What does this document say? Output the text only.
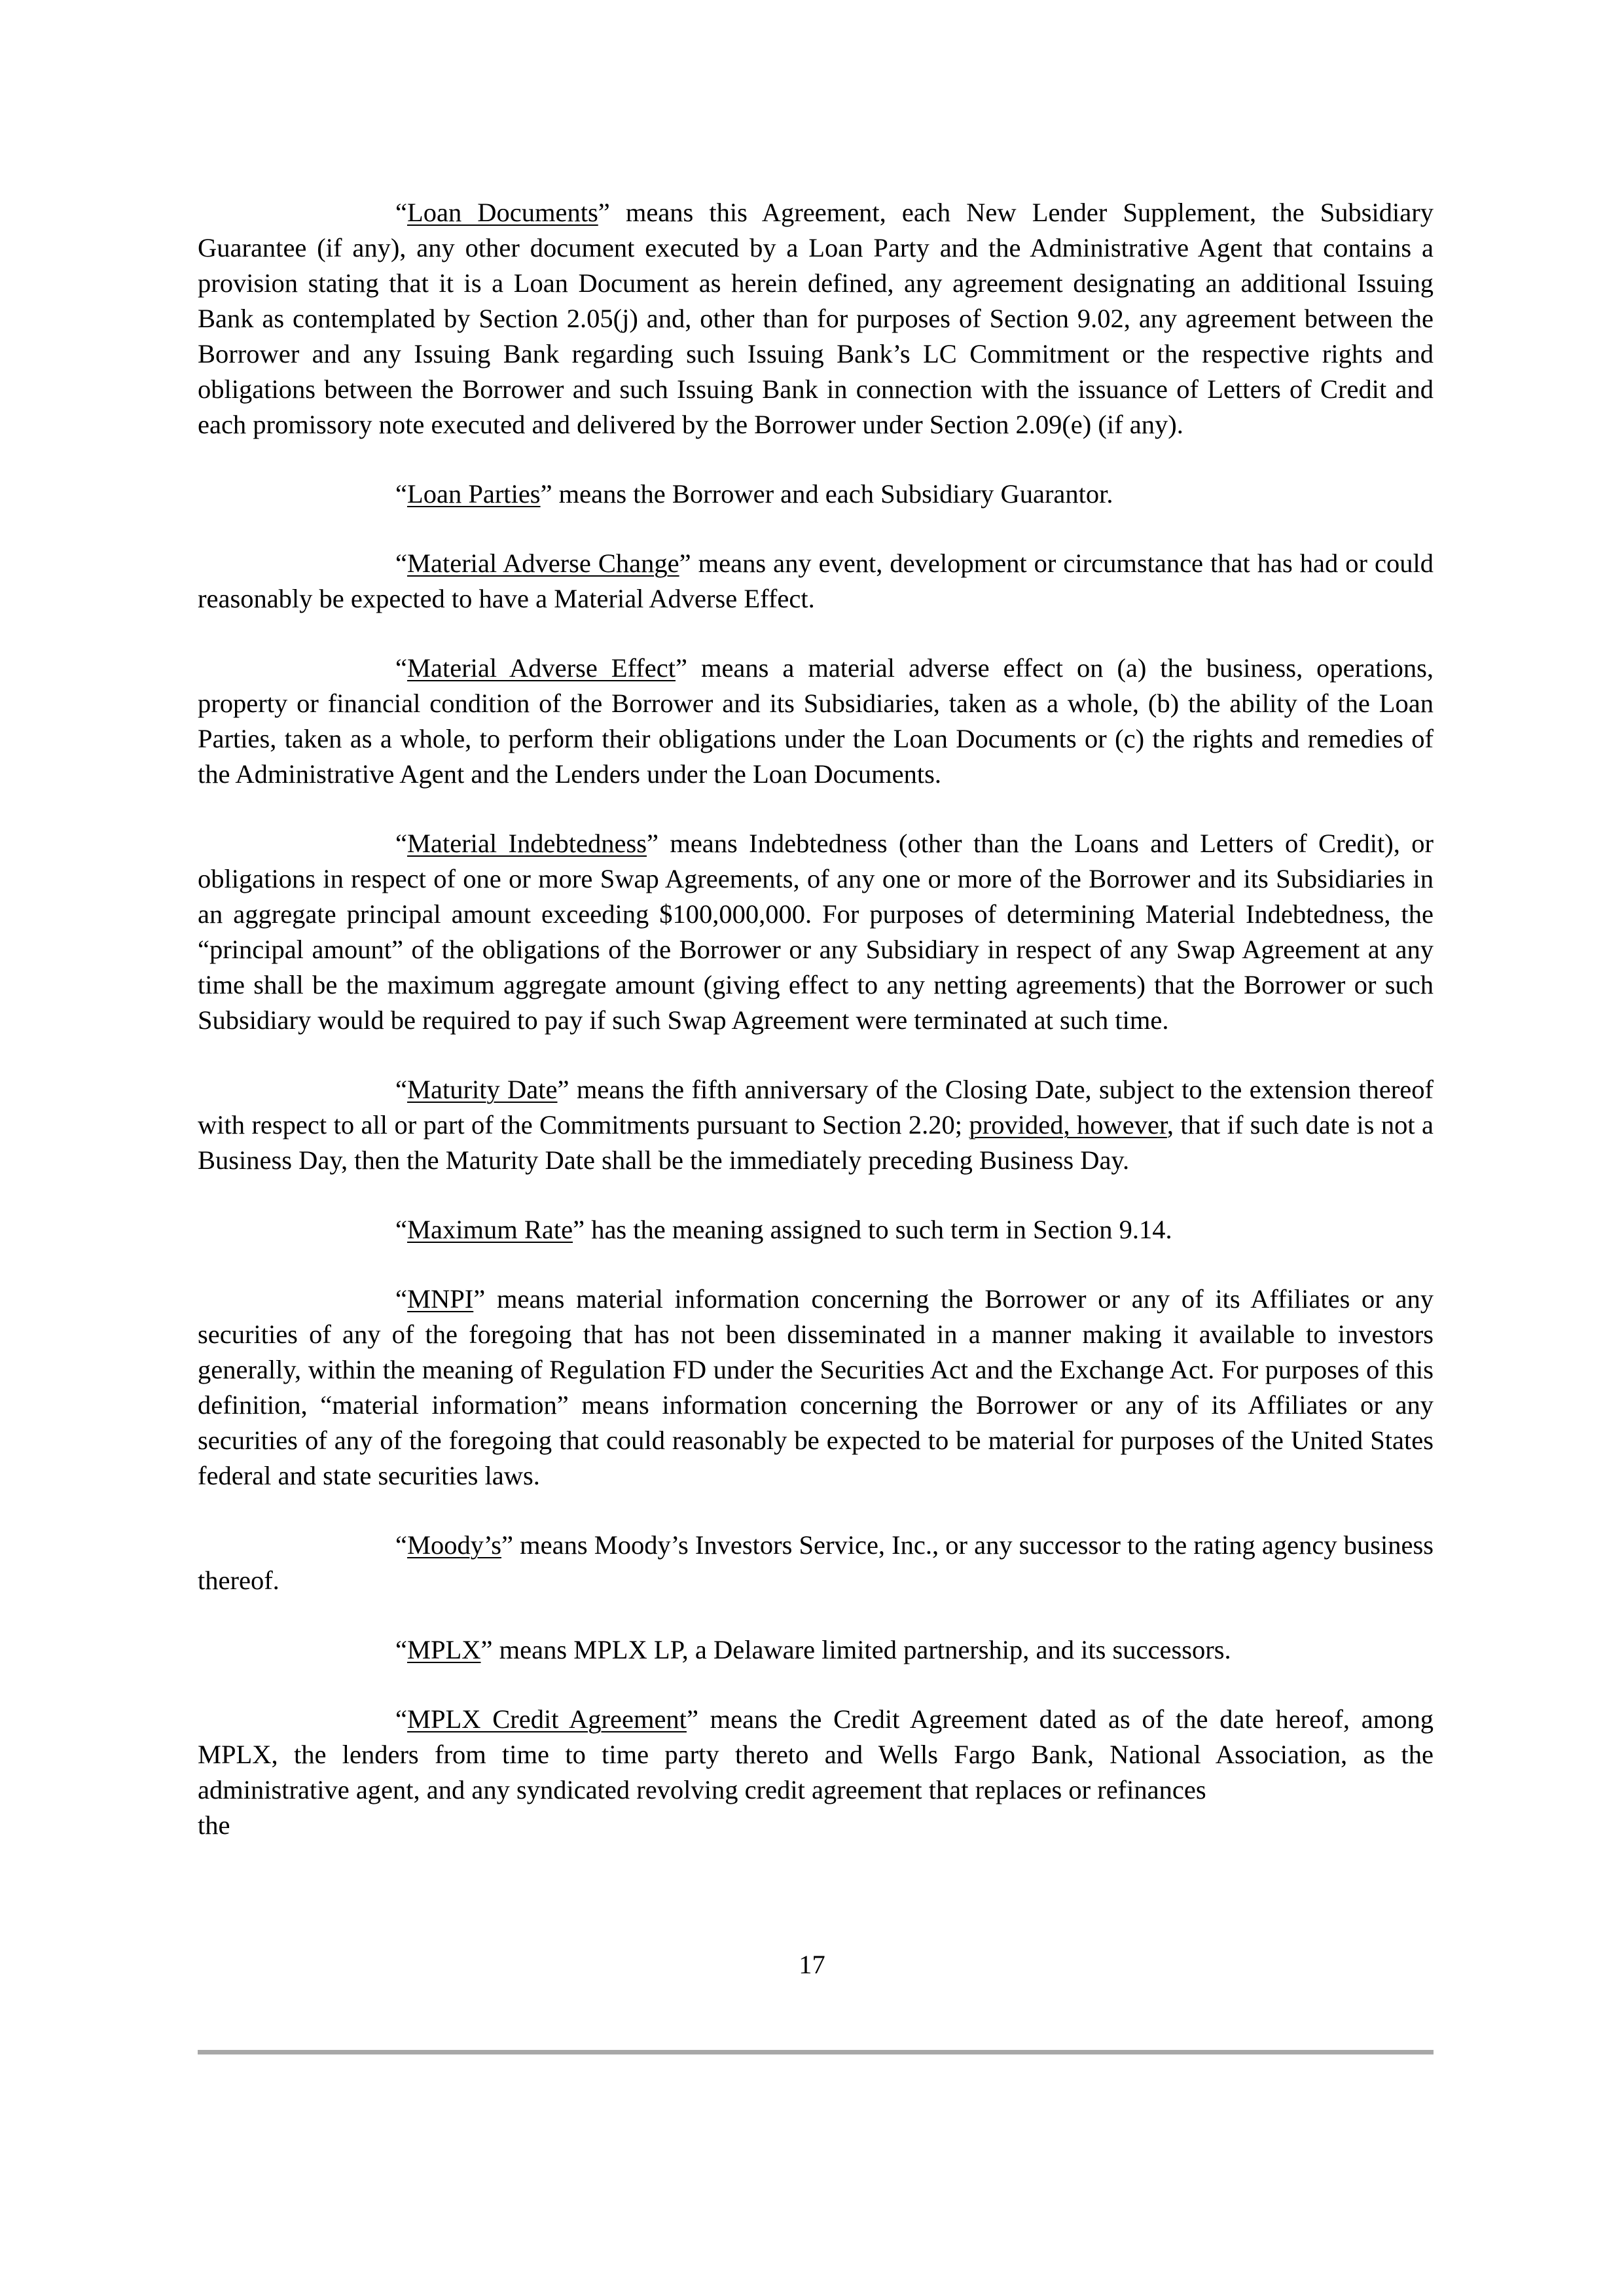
“Loan Documents” means this Agreement, each New Lender Supplement, the Subsidiary Guarantee (if any), any other document executed by a Loan Party and the Administrative Agent that contains a provision stating that it is a Loan Document as herein defined, any agreement designating an additional Issuing Bank as contemplated by Section 2.05(j) and, other than for purposes of Section 9.02, any agreement between the Borrower and any Issuing Bank regarding such Issuing Bank’s LC Commitment or the respective rights and obligations between the Borrower and such Issuing Bank in connection with the issuance of Letters of Credit and each promissory note executed and delivered by the Borrower under Section 2.09(e) (if any).

“Loan Parties” means the Borrower and each Subsidiary Guarantor.

“Material Adverse Change” means any event, development or circumstance that has had or could reasonably be expected to have a Material Adverse Effect.

“Material Adverse Effect” means a material adverse effect on (a) the business, operations, property or financial condition of the Borrower and its Subsidiaries, taken as a whole, (b) the ability of the Loan Parties, taken as a whole, to perform their obligations under the Loan Documents or (c) the rights and remedies of the Administrative Agent and the Lenders under the Loan Documents.

“Material Indebtedness” means Indebtedness (other than the Loans and Letters of Credit), or obligations in respect of one or more Swap Agreements, of any one or more of the Borrower and its Subsidiaries in an aggregate principal amount exceeding $100,000,000. For purposes of determining Material Indebtedness, the “principal amount” of the obligations of the Borrower or any Subsidiary in respect of any Swap Agreement at any time shall be the maximum aggregate amount (giving effect to any netting agreements) that the Borrower or such Subsidiary would be required to pay if such Swap Agreement were terminated at such time.

“Maturity Date” means the fifth anniversary of the Closing Date, subject to the extension thereof with respect to all or part of the Commitments pursuant to Section 2.20; provided, however, that if such date is not a Business Day, then the Maturity Date shall be the immediately preceding Business Day.

“Maximum Rate” has the meaning assigned to such term in Section 9.14.

“MNPI” means material information concerning the Borrower or any of its Affiliates or any securities of any of the foregoing that has not been disseminated in a manner making it available to investors generally, within the meaning of Regulation FD under the Securities Act and the Exchange Act. For purposes of this definition, “material information” means information concerning the Borrower or any of its Affiliates or any securities of any of the foregoing that could reasonably be expected to be material for purposes of the United States federal and state securities laws.

“Moody’s” means Moody’s Investors Service, Inc., or any successor to the rating agency business thereof.

“MPLX” means MPLX LP, a Delaware limited partnership, and its successors.

“MPLX Credit Agreement” means the Credit Agreement dated as of the date hereof, among MPLX, the lenders from time to time party thereto and Wells Fargo Bank, National Association, as the administrative agent, and any syndicated revolving credit agreement that replaces or refinances

the
17
